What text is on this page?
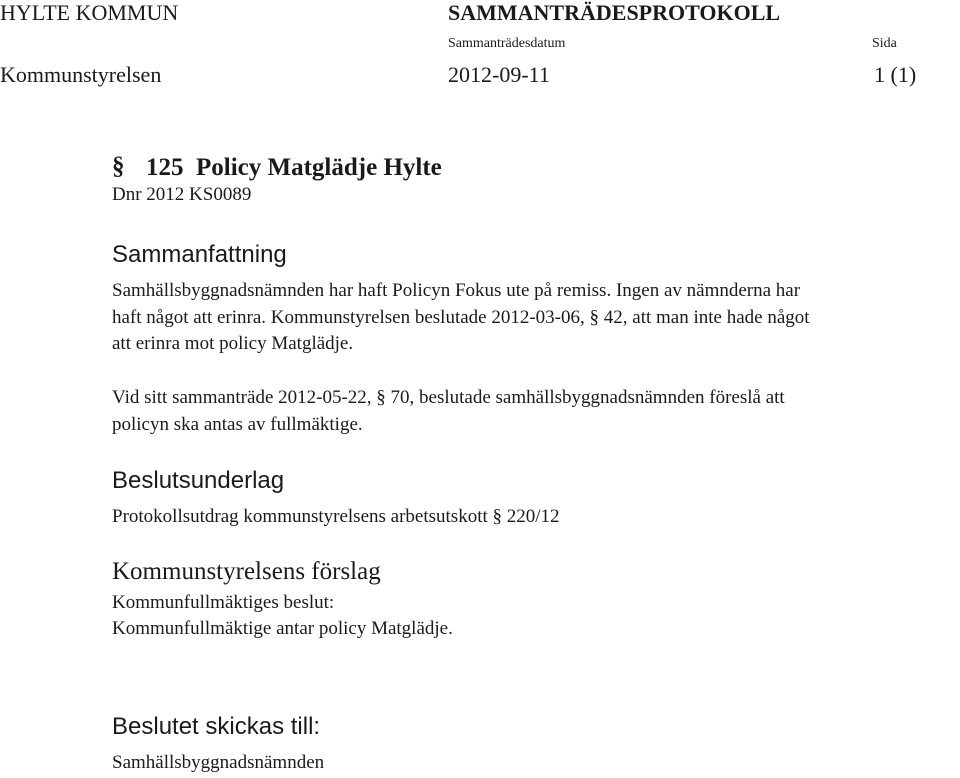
HYLTE KOMMUN	SAMMANTRÄDESPROTOKOLL
Sammanträdesdatum	Sida
Kommunstyrelsen	2012-09-11	1 (1)
§ 125  Policy Matglädje Hylte
Dnr 2012 KS0089
Sammanfattning

Samhällsbyggnadsnämnden har haft Policyn Fokus ute på remiss. Ingen av nämnderna har

haft något att erinra. Kommunstyrelsen beslutade 2012-03-06, § 42, att man inte hade något

att erinra mot policy Matglädje.

Vid sitt sammanträde 2012-05-22, § 70, beslutade samhällsbyggnadsnämnden föreslå att

policyn ska antas av fullmäktige.

Beslutsunderlag
Protokollsutdrag kommunstyrelsens arbetsutskott § 220/12
Kommunstyrelsens förslag
Kommunfullmäktiges beslut:
Kommunfullmäktige antar policy Matglädje.
Beslutet skickas till:
Samhällsbyggnadsnämnden
